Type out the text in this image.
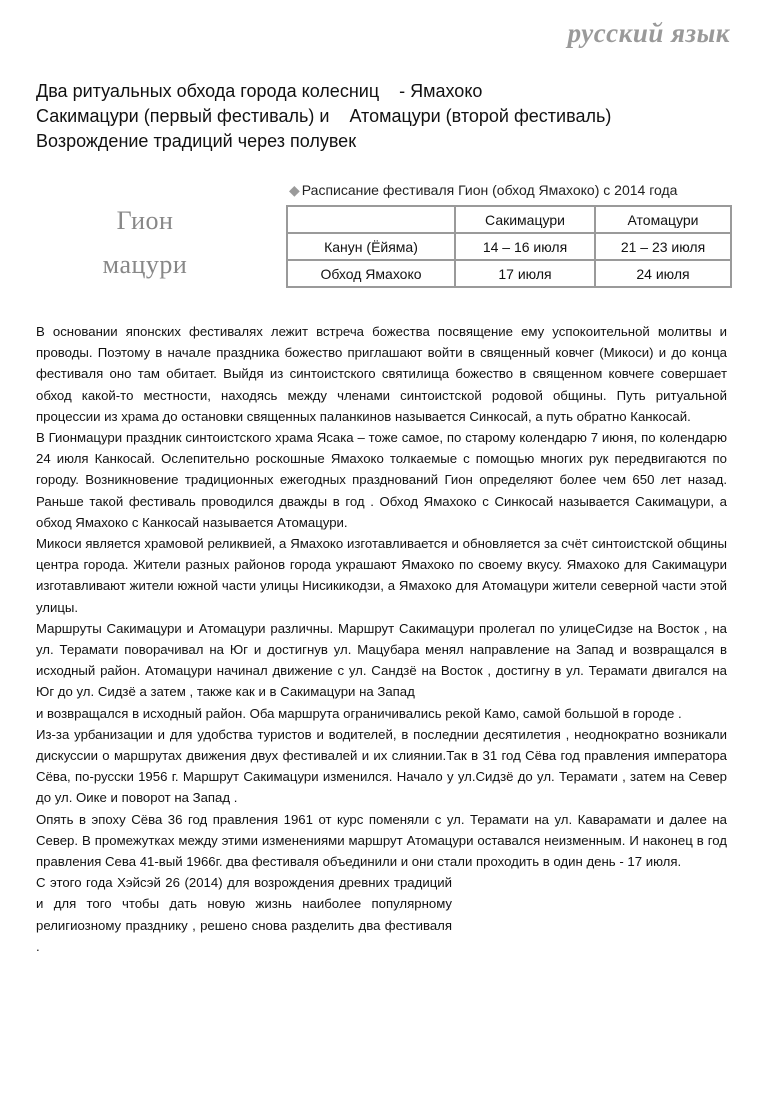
русский язык
Два ритуальных обхода города колесниц    - Ямахоко
Сакимацури (первый фестиваль) и    Атомацури (второй фестиваль)
Возрождение традиций через полувек
Гион
мацури
◆ Расписание фестиваля Гион (обход Ямахоко) с 2014 года
	Сакимацури	Атомацури
Канун (Ёйяма)	14 – 16 июля	21 – 23 июля
Обход Ямахоко	17 июля	24 июля

В основании японских фестивалях лежит встреча божества посвящение ему успокоительной молитвы и проводы. Поэтому в начале праздника божество приглашают войти в священный ковчег (Микоси) и до конца фестиваля оно там обитает. Выйдя из синтоистского святилища божество в священном ковчеге совершает обход какой-то местности, находясь между членами синтоистской родовой общины. Путь ритуальной процессии из храма до остановки священных паланкинов называется Синкосай, а путь обратно Канкосай.

В Гионмацури праздник синтоистского храма Ясака – тоже самое, по старому колендарю 7 июня, по колендарю 24 июля Канкосай. Ослепительно роскошные Ямахоко толкаемые с помощью многих рук передвигаются по городу. Возникновение традиционных ежегодных празднований Гион определяют более чем 650 лет назад. Раньше такой фестиваль проводился дважды в год . Обход Ямахоко с Синкосай называется Сакимацури, а обход Ямахоко с Канкосай называется Атомацури.

Микоси является храмовой реликвией, а Ямахоко изготавливается и обновляется за счёт синтоистской общины центра города. Жители разных районов города украшают Ямахоко по своему вкусу. Ямахоко для Сакимацури изготавливают жители южной части улицы Нисикикодзи, а Ямахоко для Атомацури жители северной части этой улицы.

Маршруты Сакимацури и Атомацури различны. Маршрут Сакимацури пролегал по улицеСидзе на Восток , на ул. Терамати поворачивал на Юг и достигнув ул. Мацубара менял направление на Запад и возвращался в исходный район. Атомацури начинал движение с ул. Сандзё на Восток , достигну в ул. Терамати двигался на Юг до ул. Сидзё а затем , также как и в Сакимацури на Запад

и возвращался в исходный район. Оба маршрута ограничивались рекой Камо, самой большой в городе .

Из-за урбанизации и для удобства туристов и водителей, в последнии десятилетия , неоднократно возникали дискуссии о маршрутах движения двух фестивалей и их слиянии.Так в 31 год Сёва год правления императора Сёва, по-русски 1956 г. Маршрут Сакимацури изменился. Начало у ул.Сидзё до ул. Терамати , затем на Север до ул. Оике и поворот на Запад .

Опять в эпоху Сёва 36 год правления 1961 от курс поменяли с ул. Терамати на ул. Каварамати и далее на Север. В промежутках между этими изменениями маршрут Атомацури оставался неизменным. И наконец в год правления Сева 41-вый 1966г. два фестиваля объединили и они стали проходить в один день - 17 июля.

С этого года Хэйсэй 26 (2014) для возрождения древних традиций и для того чтобы дать новую жизнь наиболее популярному религиозному празднику , решено снова разделить два фестиваля .
